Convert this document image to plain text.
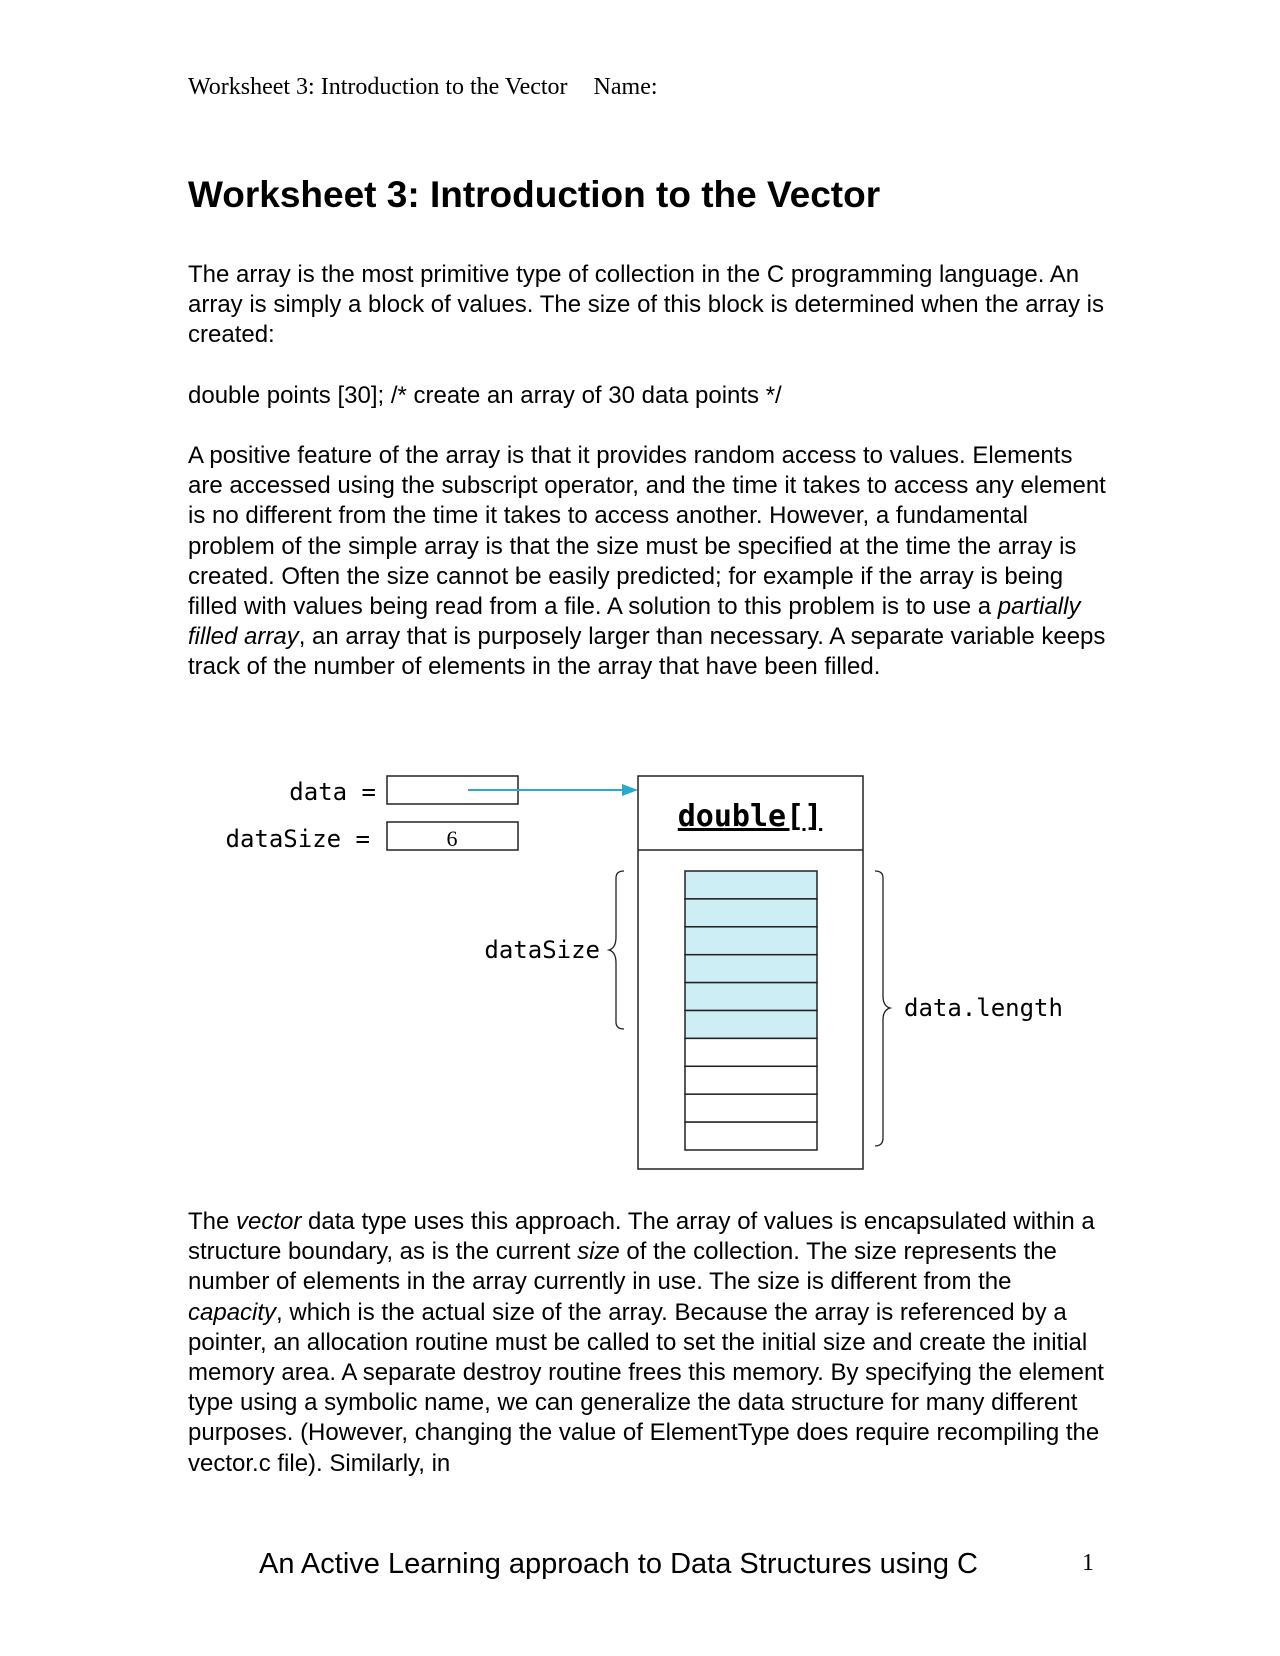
Worksheet 3: Introduction to the Vector Name:
Worksheet 3: Introduction to the Vector

The array is the most primitive type of collection in the C programming language. An array is simply a block of values. The size of this block is determined when the array is created:

double points [30]; /* create an array of 30 data points */

A positive feature of the array is that it provides random access to values. Elements are accessed using the subscript operator, and the time it takes to access any element is no different from the time it takes to access another. However, a fundamental problem of the simple array is that the size must be specified at the time the array is created. Often the size cannot be easily predicted; for example if the array is being filled with values being read from a file. A solution to this problem is to use a partially filled array, an array that is purposely larger than necessary. A separate variable keeps track of the number of elements in the array that have been filled.

data =
dataSize =	6
double[]
dataSize
data.length

The vector data type uses this approach. The array of values is encapsulated within a structure boundary, as is the current size of the collection. The size represents the number of elements in the array currently in use. The size is different from the capacity, which is the actual size of the array. Because the array is referenced by a pointer, an allocation routine must be called to set the initial size and create the initial memory area. A separate destroy routine frees this memory. By specifying the element type using a symbolic name, we can generalize the data structure for many different purposes. (However, changing the value of ElementType does require recompiling the vector.c file). Similarly, in

An Active Learning approach to Data Structures using C	1
